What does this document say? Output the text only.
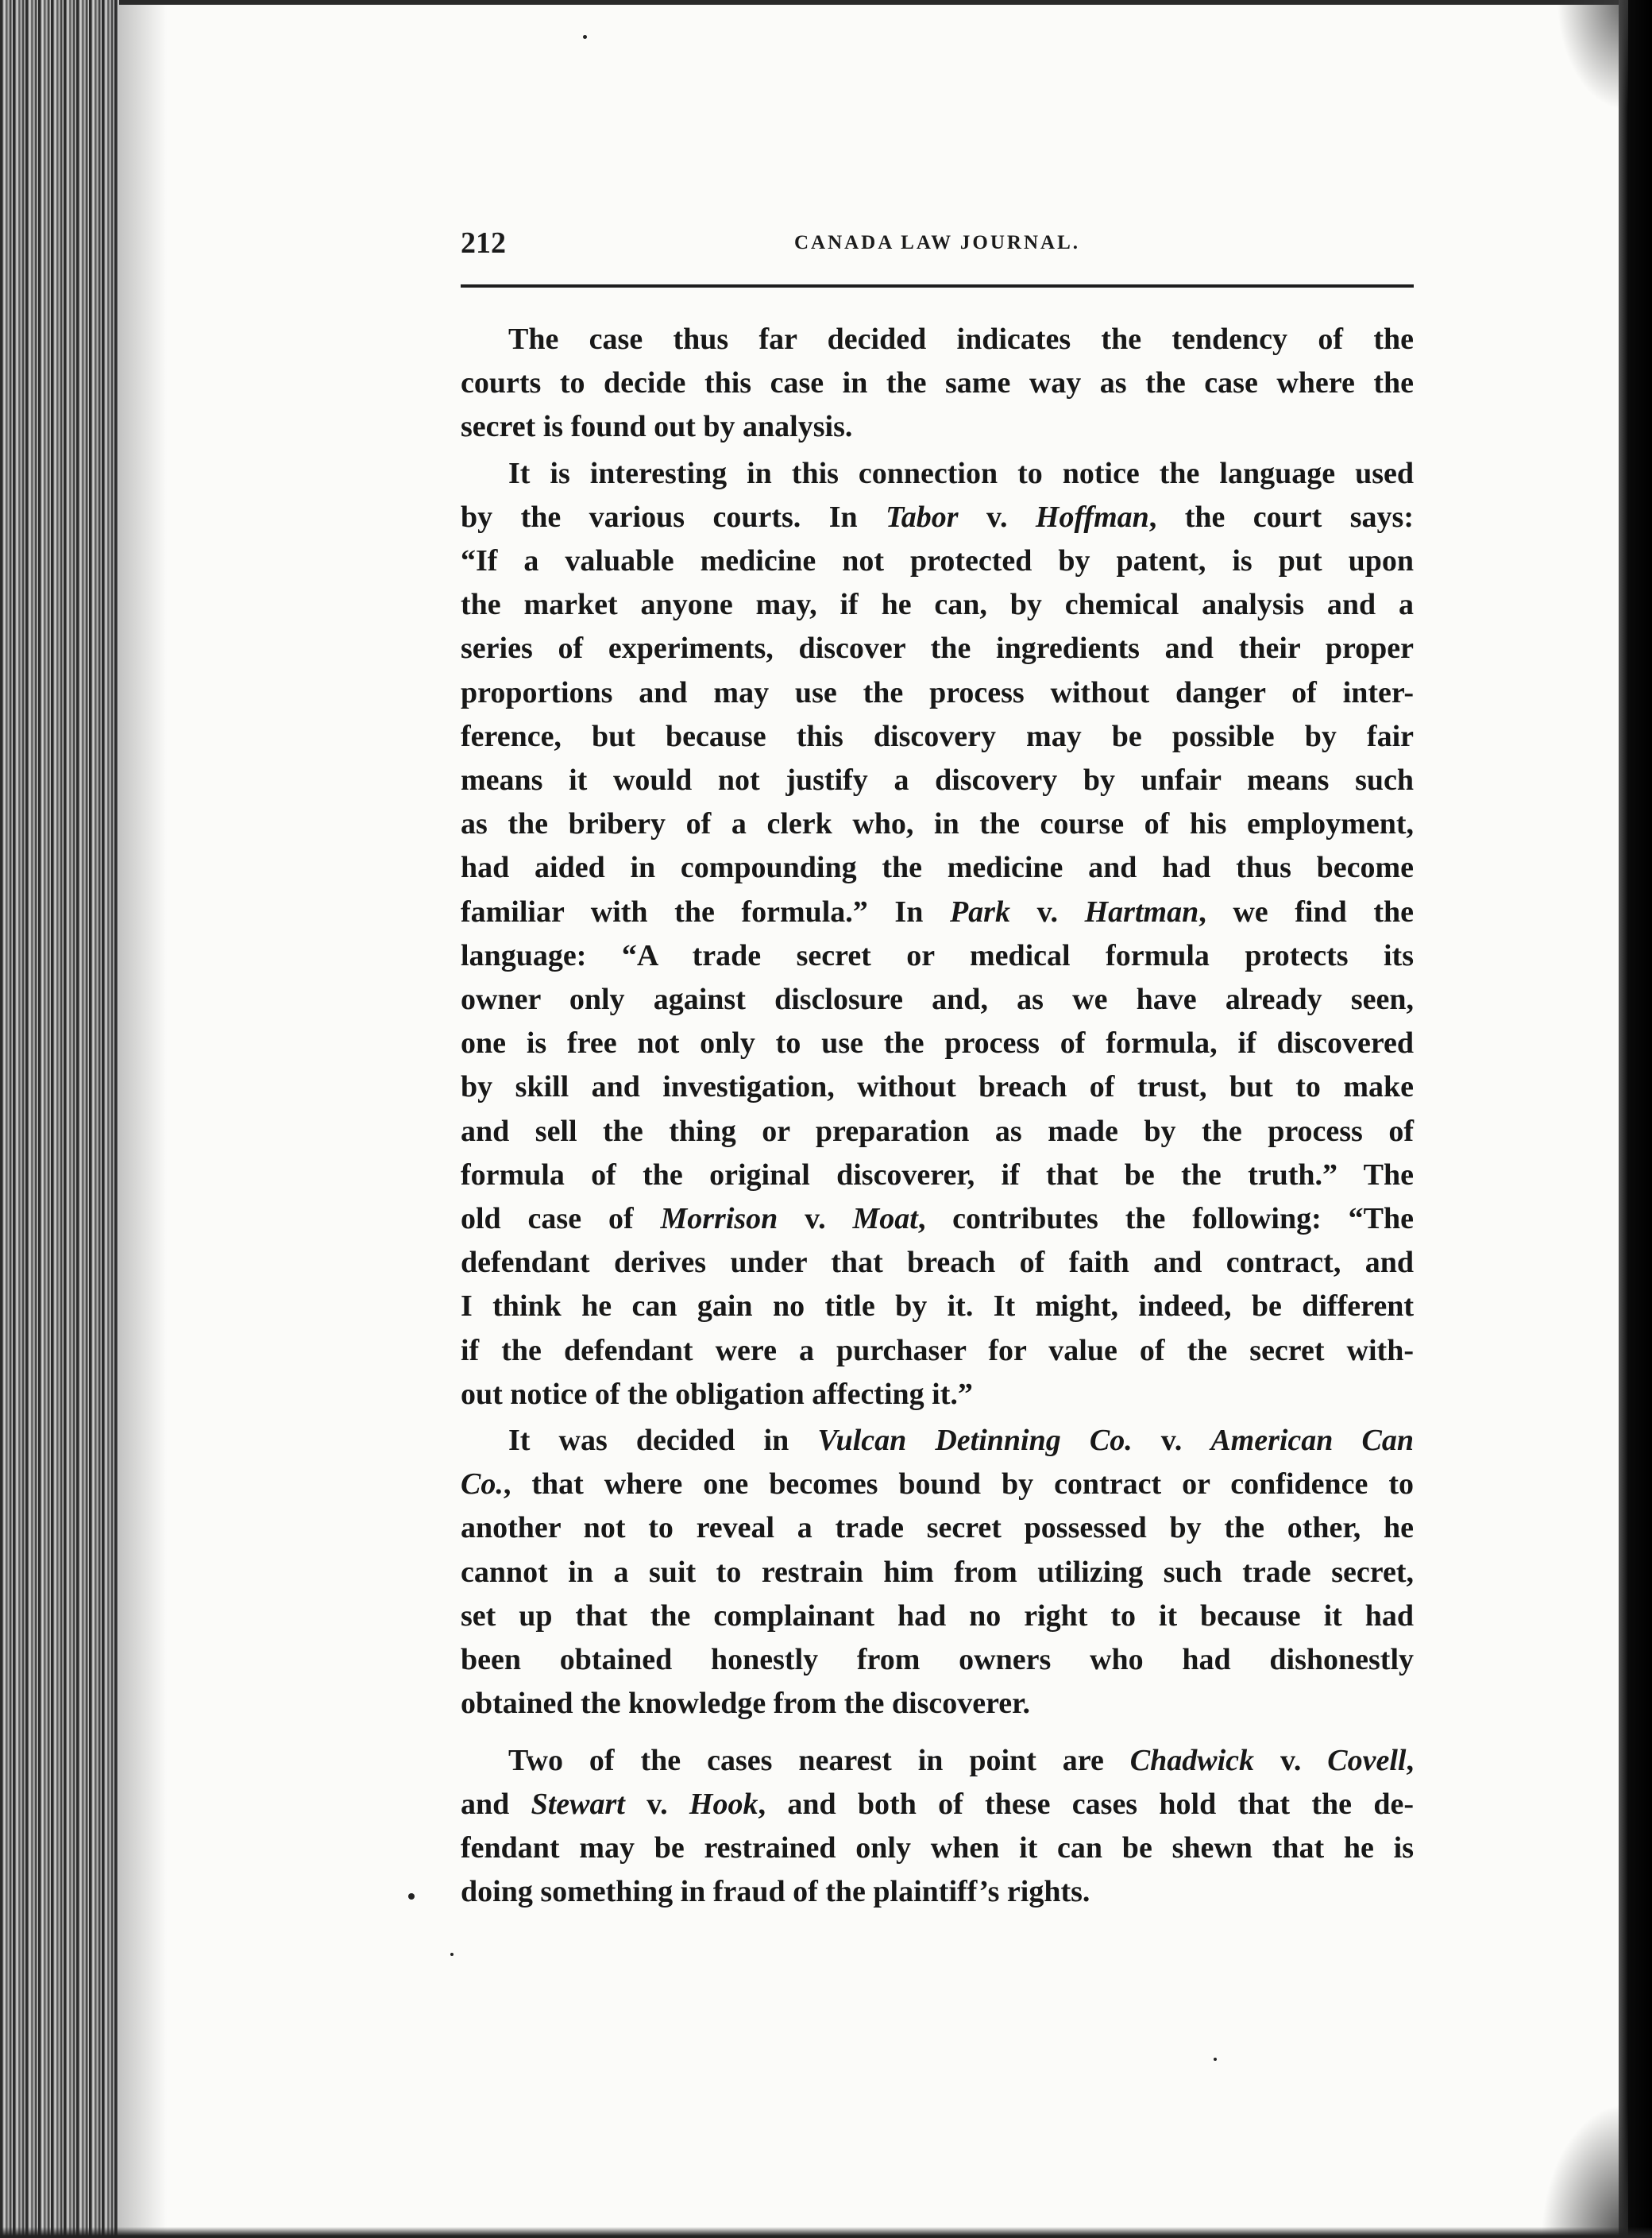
212	CANADA LAW JOURNAL.
The case thus far decided indicates the tendency of the
courts to decide this case in the same way as the case where the
secret is found out by analysis.
It is interesting in this connection to notice the language used
by the various courts. In Tabor v. Hoffman, the court says:
“If a valuable medicine not protected by patent, is put upon
the market anyone may, if he can, by chemical analysis and a
series of experiments, discover the ingredients and their proper
proportions and may use the process without danger of inter-
ference, but because this discovery may be possible by fair
means it would not justify a discovery by unfair means such
as the bribery of a clerk who, in the course of his employment,
had aided in compounding the medicine and had thus become
familiar with the formula.” In Park v. Hartman, we find the
language: “A trade secret or medical formula protects its
owner only against disclosure and, as we have already seen,
one is free not only to use the process of formula, if discovered
by skill and investigation, without breach of trust, but to make
and sell the thing or preparation as made by the process of
formula of the original discoverer, if that be the truth.” The
old case of Morrison v. Moat, contributes the following: “The
defendant derives under that breach of faith and contract, and
I think he can gain no title by it. It might, indeed, be different
if the defendant were a purchaser for value of the secret with-
out notice of the obligation affecting it.”
It was decided in Vulcan Detinning Co. v. American Can
Co., that where one becomes bound by contract or confidence to
another not to reveal a trade secret possessed by the other, he
cannot in a suit to restrain him from utilizing such trade secret,
set up that the complainant had no right to it because it had
been obtained honestly from owners who had dishonestly
obtained the knowledge from the discoverer.
Two of the cases nearest in point are Chadwick v. Covell,
and Stewart v. Hook, and both of these cases hold that the de-
fendant may be restrained only when it can be shewn that he is
doing something in fraud of the plaintiff’s rights.
